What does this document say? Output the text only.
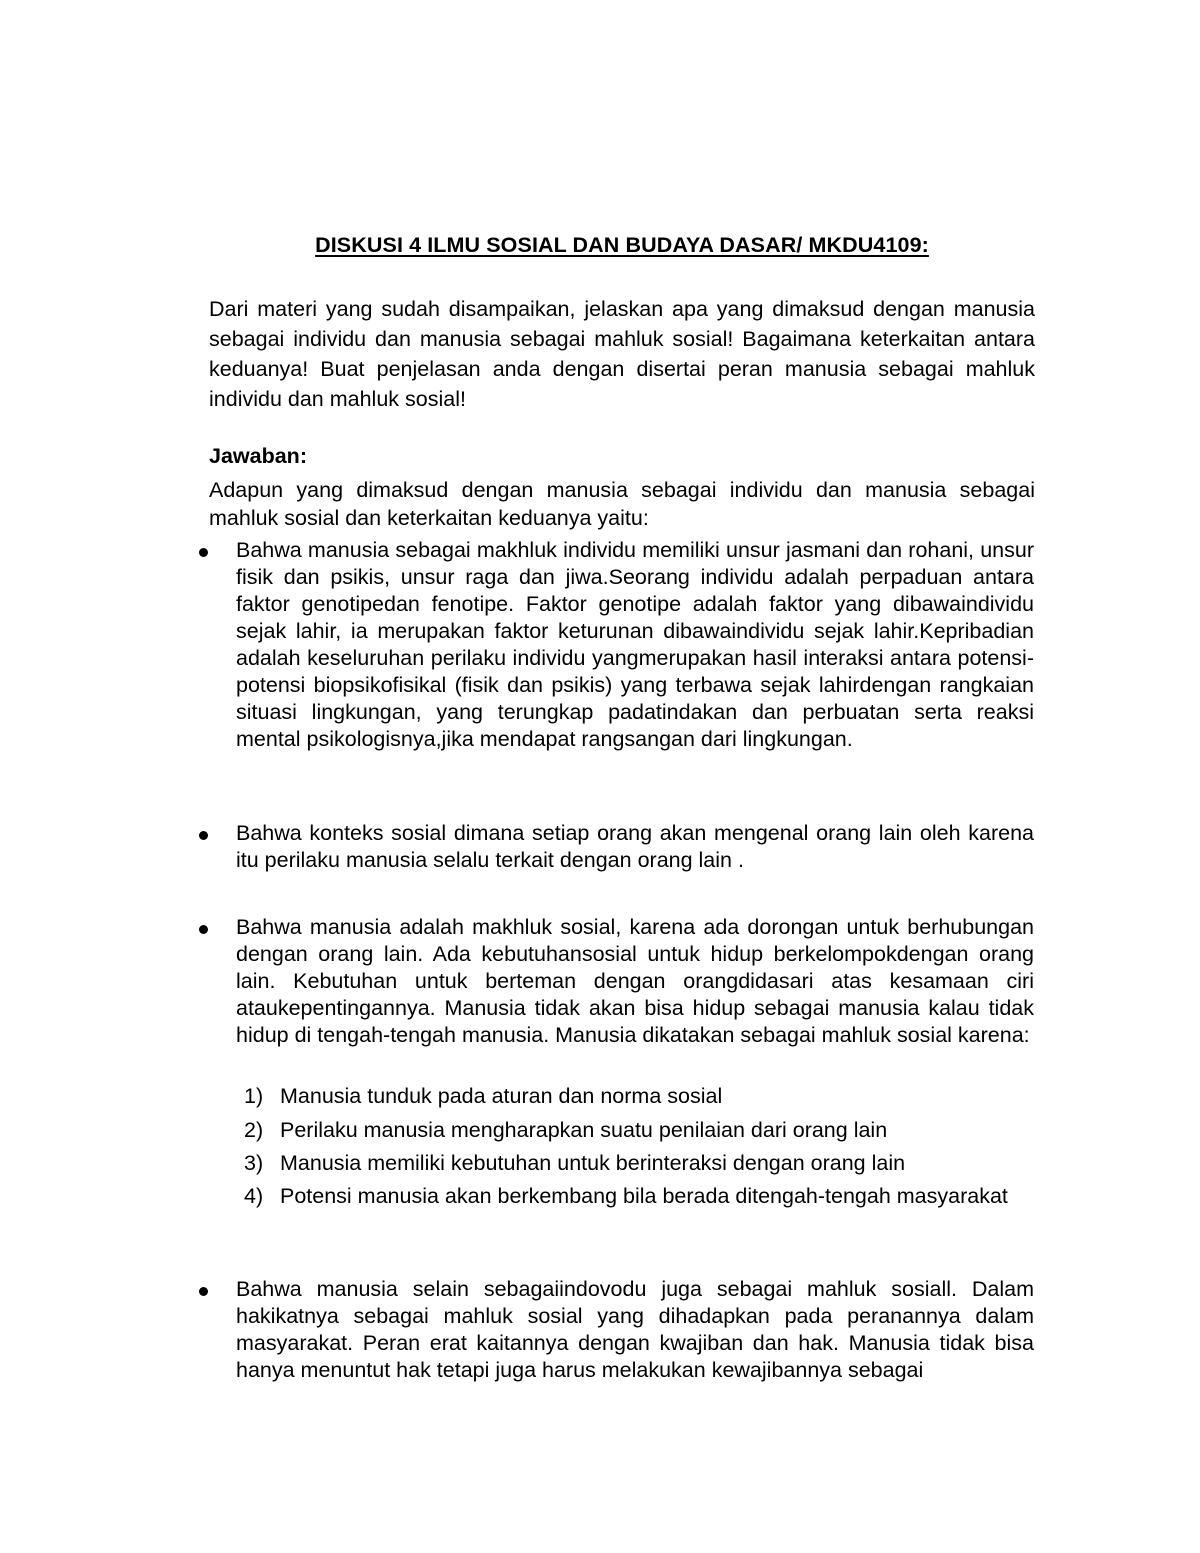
DISKUSI 4 ILMU SOSIAL DAN BUDAYA DASAR/ MKDU4109:

Dari materi yang sudah disampaikan, jelaskan apa yang dimaksud dengan manusia sebagai individu dan manusia sebagai mahluk sosial! Bagaimana keterkaitan antara keduanya! Buat penjelasan anda dengan disertai peran manusia sebagai mahluk individu dan mahluk sosial!

Jawaban:

Adapun yang dimaksud dengan manusia sebagai individu dan manusia sebagai mahluk sosial dan keterkaitan keduanya yaitu:

Bahwa manusia sebagai makhluk individu memiliki unsur jasmani dan rohani, unsur fisik dan psikis, unsur raga dan jiwa.Seorang individu adalah perpaduan antara faktor genotipedan fenotipe. Faktor genotipe adalah faktor yang dibawaindividu sejak lahir, ia merupakan faktor keturunan dibawaindividu sejak lahir.Kepribadian adalah keseluruhan perilaku individu yangmerupakan hasil interaksi antara potensi-potensi biopsikofisikal (fisik dan psikis) yang terbawa sejak lahirdengan rangkaian situasi lingkungan, yang terungkap padatindakan dan perbuatan serta reaksi mental psikologisnya,jika mendapat rangsangan dari lingkungan.

Bahwa konteks sosial dimana setiap orang akan mengenal orang lain oleh karena itu perilaku manusia selalu terkait dengan orang lain .

Bahwa manusia adalah makhluk sosial, karena ada dorongan untuk berhubungan dengan orang lain. Ada kebutuhansosial untuk hidup berkelompokdengan orang lain. Kebutuhan untuk berteman dengan orangdidasari atas kesamaan ciri ataukepentingannya. Manusia tidak akan bisa hidup sebagai manusia kalau tidak hidup di tengah-tengah manusia. Manusia dikatakan sebagai mahluk sosial karena:

1) Manusia tunduk pada aturan dan norma sosial

2) Perilaku manusia mengharapkan suatu penilaian dari orang lain

3) Manusia memiliki kebutuhan untuk berinteraksi dengan orang lain

4) Potensi manusia akan berkembang bila berada ditengah-tengah masyarakat

Bahwa manusia selain sebagaiindovodu juga sebagai mahluk sosiall. Dalam hakikatnya sebagai mahluk sosial yang dihadapkan pada peranannya dalam masyarakat. Peran erat kaitannya dengan kwajiban dan hak. Manusia tidak bisa hanya menuntut hak tetapi juga harus melakukan kewajibannya sebagai
